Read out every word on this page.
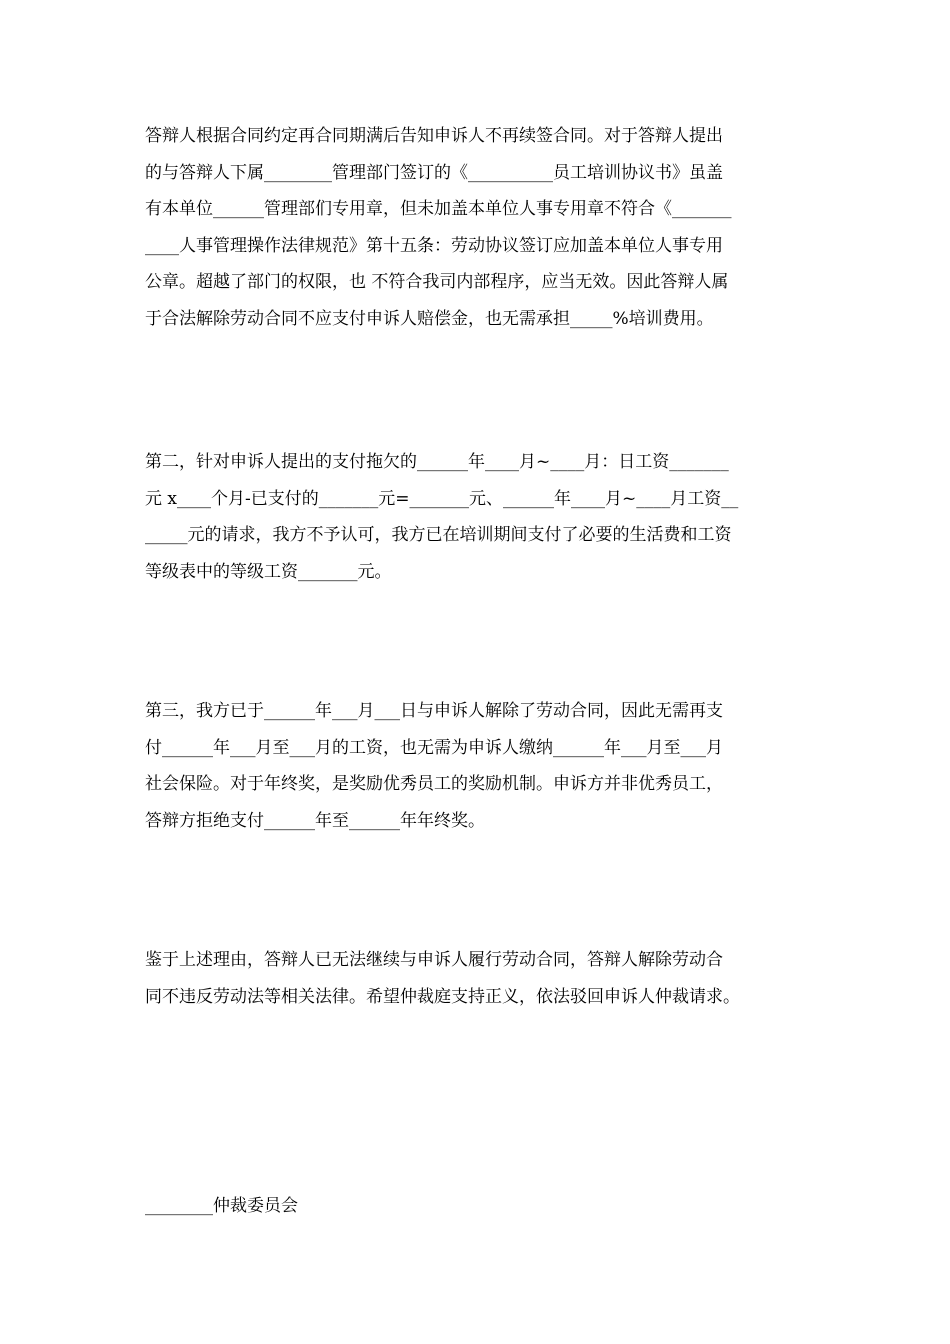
答辩人根据合同约定再合同期满后告知申诉人不再续签合同。对于答辩人提出
的与答辩人下属________管理部门签订的《__________员工培训协议书》虽盖
有本单位______管理部们专用章，但未加盖本单位人事专用章不符合《_______
____人事管理操作法律规范》第十五条：劳动协议签订应加盖本单位人事专用
公章。超越了部门的权限，也 不符合我司内部程序，应当无效。因此答辩人属
于合法解除劳动合同不应支付申诉人赔偿金，也无需承担_____%培训费用。
第二，针对申诉人提出的支付拖欠的______年____月~____月：日工资_______
元 x____个月-已支付的_______元=_______元、______年____月~____月工资__
_____元的请求，我方不予认可，我方已在培训期间支付了必要的生活费和工资
等级表中的等级工资_______元。
第三，我方已于______年___月___日与申诉人解除了劳动合同，因此无需再支
付______年___月至___月的工资，也无需为申诉人缴纳______年___月至___月
社会保险。对于年终奖，是奖励优秀员工的奖励机制。申诉方并非优秀员工，
答辩方拒绝支付______年至______年年终奖。
鉴于上述理由，答辩人已无法继续与申诉人履行劳动合同，答辩人解除劳动合
同不违反劳动法等相关法律。希望仲裁庭支持正义，依法驳回申诉人仲裁请求。
________仲裁委员会
